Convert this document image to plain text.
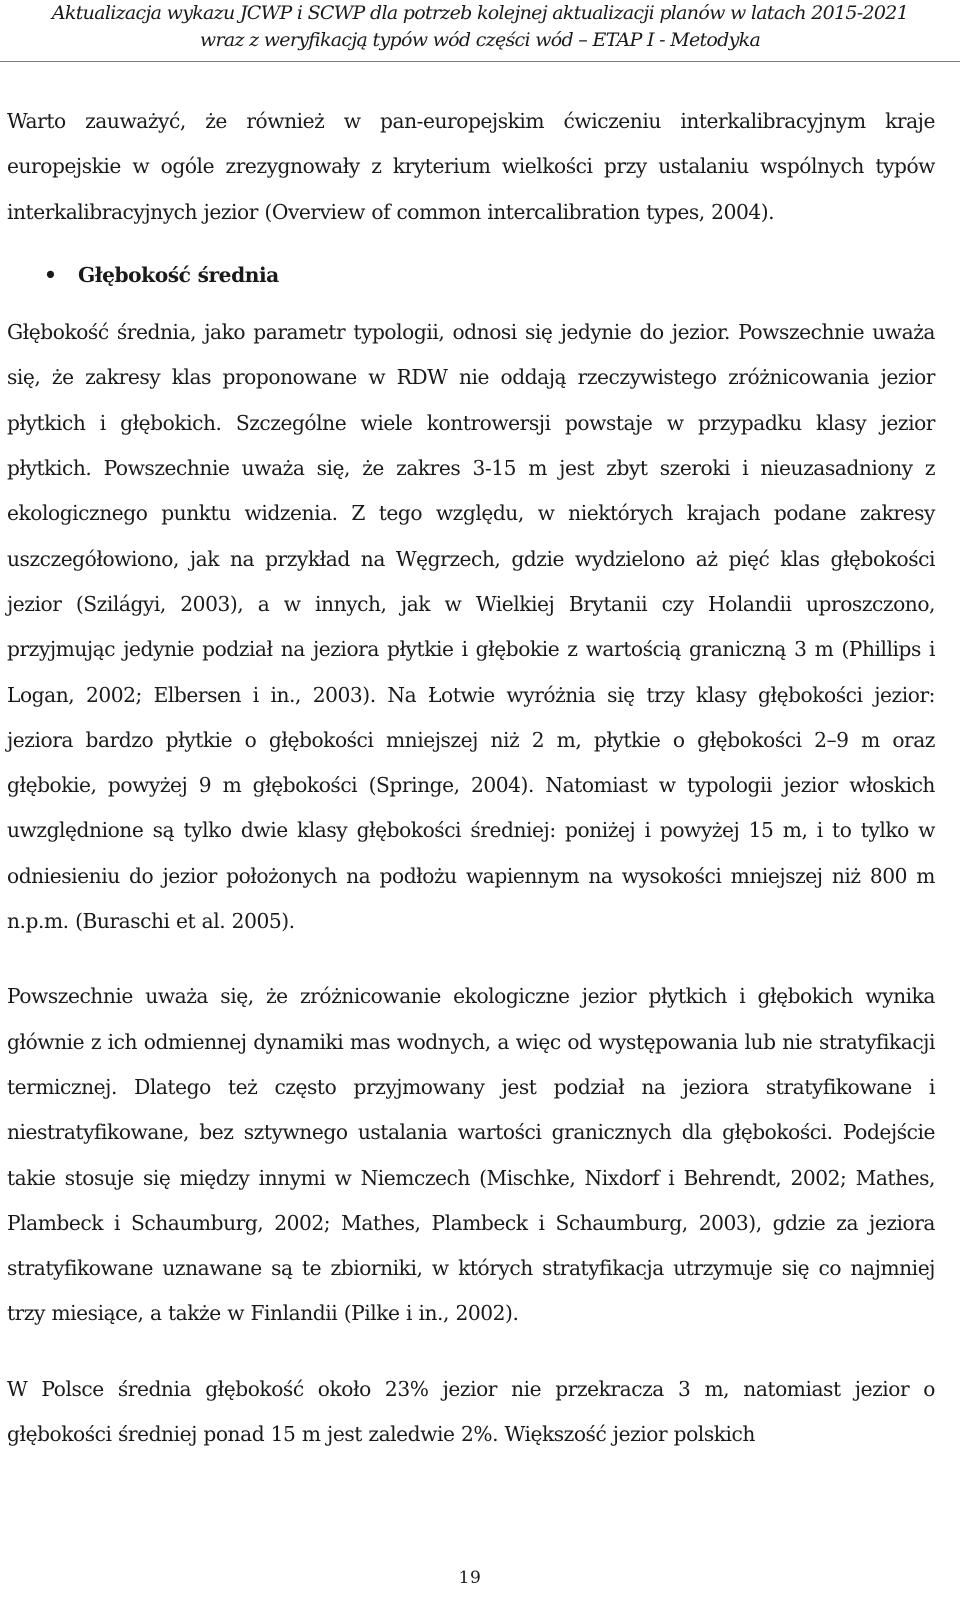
Aktualizacja wykazu JCWP i SCWP dla potrzeb kolejnej aktualizacji planów w latach 2015-2021
wraz z weryfikacją typów wód części wód – ETAP I - Metodyka

Warto zauważyć, że również w pan-europejskim ćwiczeniu interkalibracyjnym kraje europejskie w ogóle zrezygnowały z kryterium wielkości przy ustalaniu wspólnych typów interkalibracyjnych jezior (Overview of common intercalibration types, 2004).

• Głębokość średnia

Głębokość średnia, jako parametr typologii, odnosi się jedynie do jezior. Powszechnie uważa się, że zakresy klas proponowane w RDW nie oddają rzeczywistego zróżnicowania jezior płytkich i głębokich. Szczególne wiele kontrowersji powstaje w przypadku klasy jezior płytkich. Powszechnie uważa się, że zakres 3-15 m jest zbyt szeroki i nieuzasadniony z ekologicznego punktu widzenia. Z tego względu, w niektórych krajach podane zakresy uszczegółowiono, jak na przykład na Węgrzech, gdzie wydzielono aż pięć klas głębokości jezior (Szilágyi, 2003), a w innych, jak w Wielkiej Brytanii czy Holandii uproszczono, przyjmując jedynie podział na jeziora płytkie i głębokie z wartością graniczną 3 m (Phillips i Logan, 2002; Elbersen i in., 2003). Na Łotwie wyróżnia się trzy klasy głębokości jezior: jeziora bardzo płytkie o głębokości mniejszej niż 2 m, płytkie o głębokości 2–9 m oraz głębokie, powyżej 9 m głębokości (Springe, 2004). Natomiast w typologii jezior włoskich uwzględnione są tylko dwie klasy głębokości średniej: poniżej i powyżej 15 m, i to tylko w odniesieniu do jezior położonych na podłożu wapiennym na wysokości mniejszej niż 800 m n.p.m. (Buraschi et al. 2005).

Powszechnie uważa się, że zróżnicowanie ekologiczne jezior płytkich i głębokich wynika głównie z ich odmiennej dynamiki mas wodnych, a więc od występowania lub nie stratyfikacji termicznej. Dlatego też często przyjmowany jest podział na jeziora stratyfikowane i niestratyfikowane, bez sztywnego ustalania wartości granicznych dla głębokości. Podejście takie stosuje się między innymi w Niemczech (Mischke, Nixdorf i Behrendt, 2002; Mathes, Plambeck i Schaumburg, 2002; Mathes, Plambeck i Schaumburg, 2003), gdzie za jeziora stratyfikowane uznawane są te zbiorniki, w których stratyfikacja utrzymuje się co najmniej trzy miesiące, a także w Finlandii (Pilke i in., 2002).

W Polsce średnia głębokość około 23% jezior nie przekracza 3 m, natomiast jezior o głębokości średniej ponad 15 m jest zaledwie 2%. Większość jezior polskich

19
